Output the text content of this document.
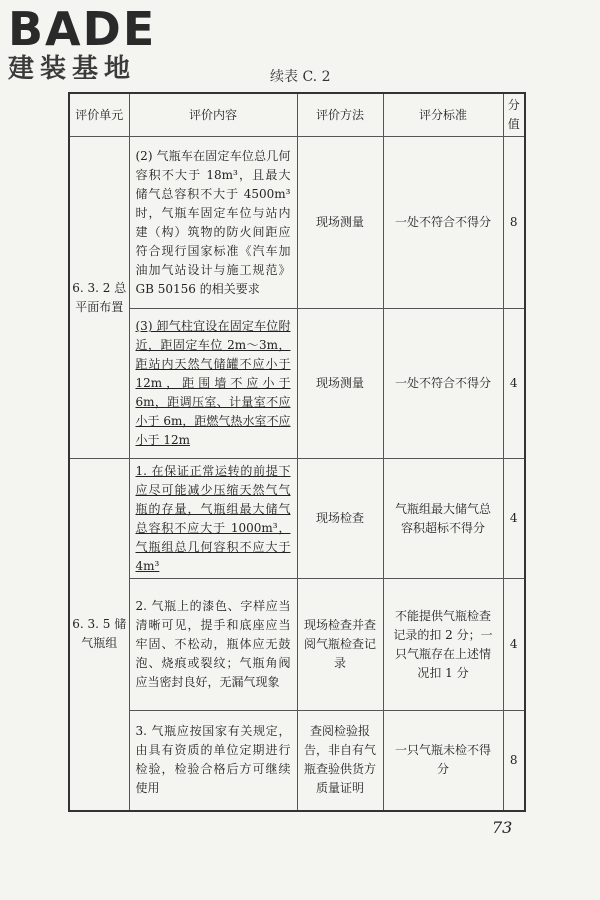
BADE
建装基地	续表 C. 2
评价单元	评价内容	评价方法	评分标准	分值
6. 3. 2 总平面布置	(2) 气瓶车在固定车位总几何容积不大于 18m³，且最大储气总容积不大于 4500m³ 时，气瓶车固定车位与站内建（构）筑物的防火间距应符合现行国家标准《汽车加油加气站设计与施工规范》GB 50156 的相关要求	现场测量	一处不符合不得分	8
	(3) 卸气柱宜设在固定车位附近，距固定车位 2m～3m，距站内天然气储罐不应小于 12m，距围墙不应小于 6m，距调压室、计量室不应小于 6m，距燃气热水室不应小于 12m	现场测量	一处不符合不得分	4
6. 3. 5 储气瓶组	1. 在保证正常运转的前提下应尽可能减少压缩天然气气瓶的存量，气瓶组最大储气总容积不应大于 1000m³，气瓶组总几何容积不应大于 4m³	现场检查	气瓶组最大储气总容积超标不得分	4
	2. 气瓶上的漆色、字样应当清晰可见，提手和底座应当牢固、不松动，瓶体应无鼓泡、烧痕或裂纹；气瓶角阀应当密封良好，无漏气现象	现场检查并查阅气瓶检查记录	不能提供气瓶检查记录的扣 2 分；一只气瓶存在上述情况扣 1 分	4
	3. 气瓶应按国家有关规定，由具有资质的单位定期进行检验，检验合格后方可继续使用	查阅检验报告，非自有气瓶查验供货方质量证明	一只气瓶未检不得分	8
73
